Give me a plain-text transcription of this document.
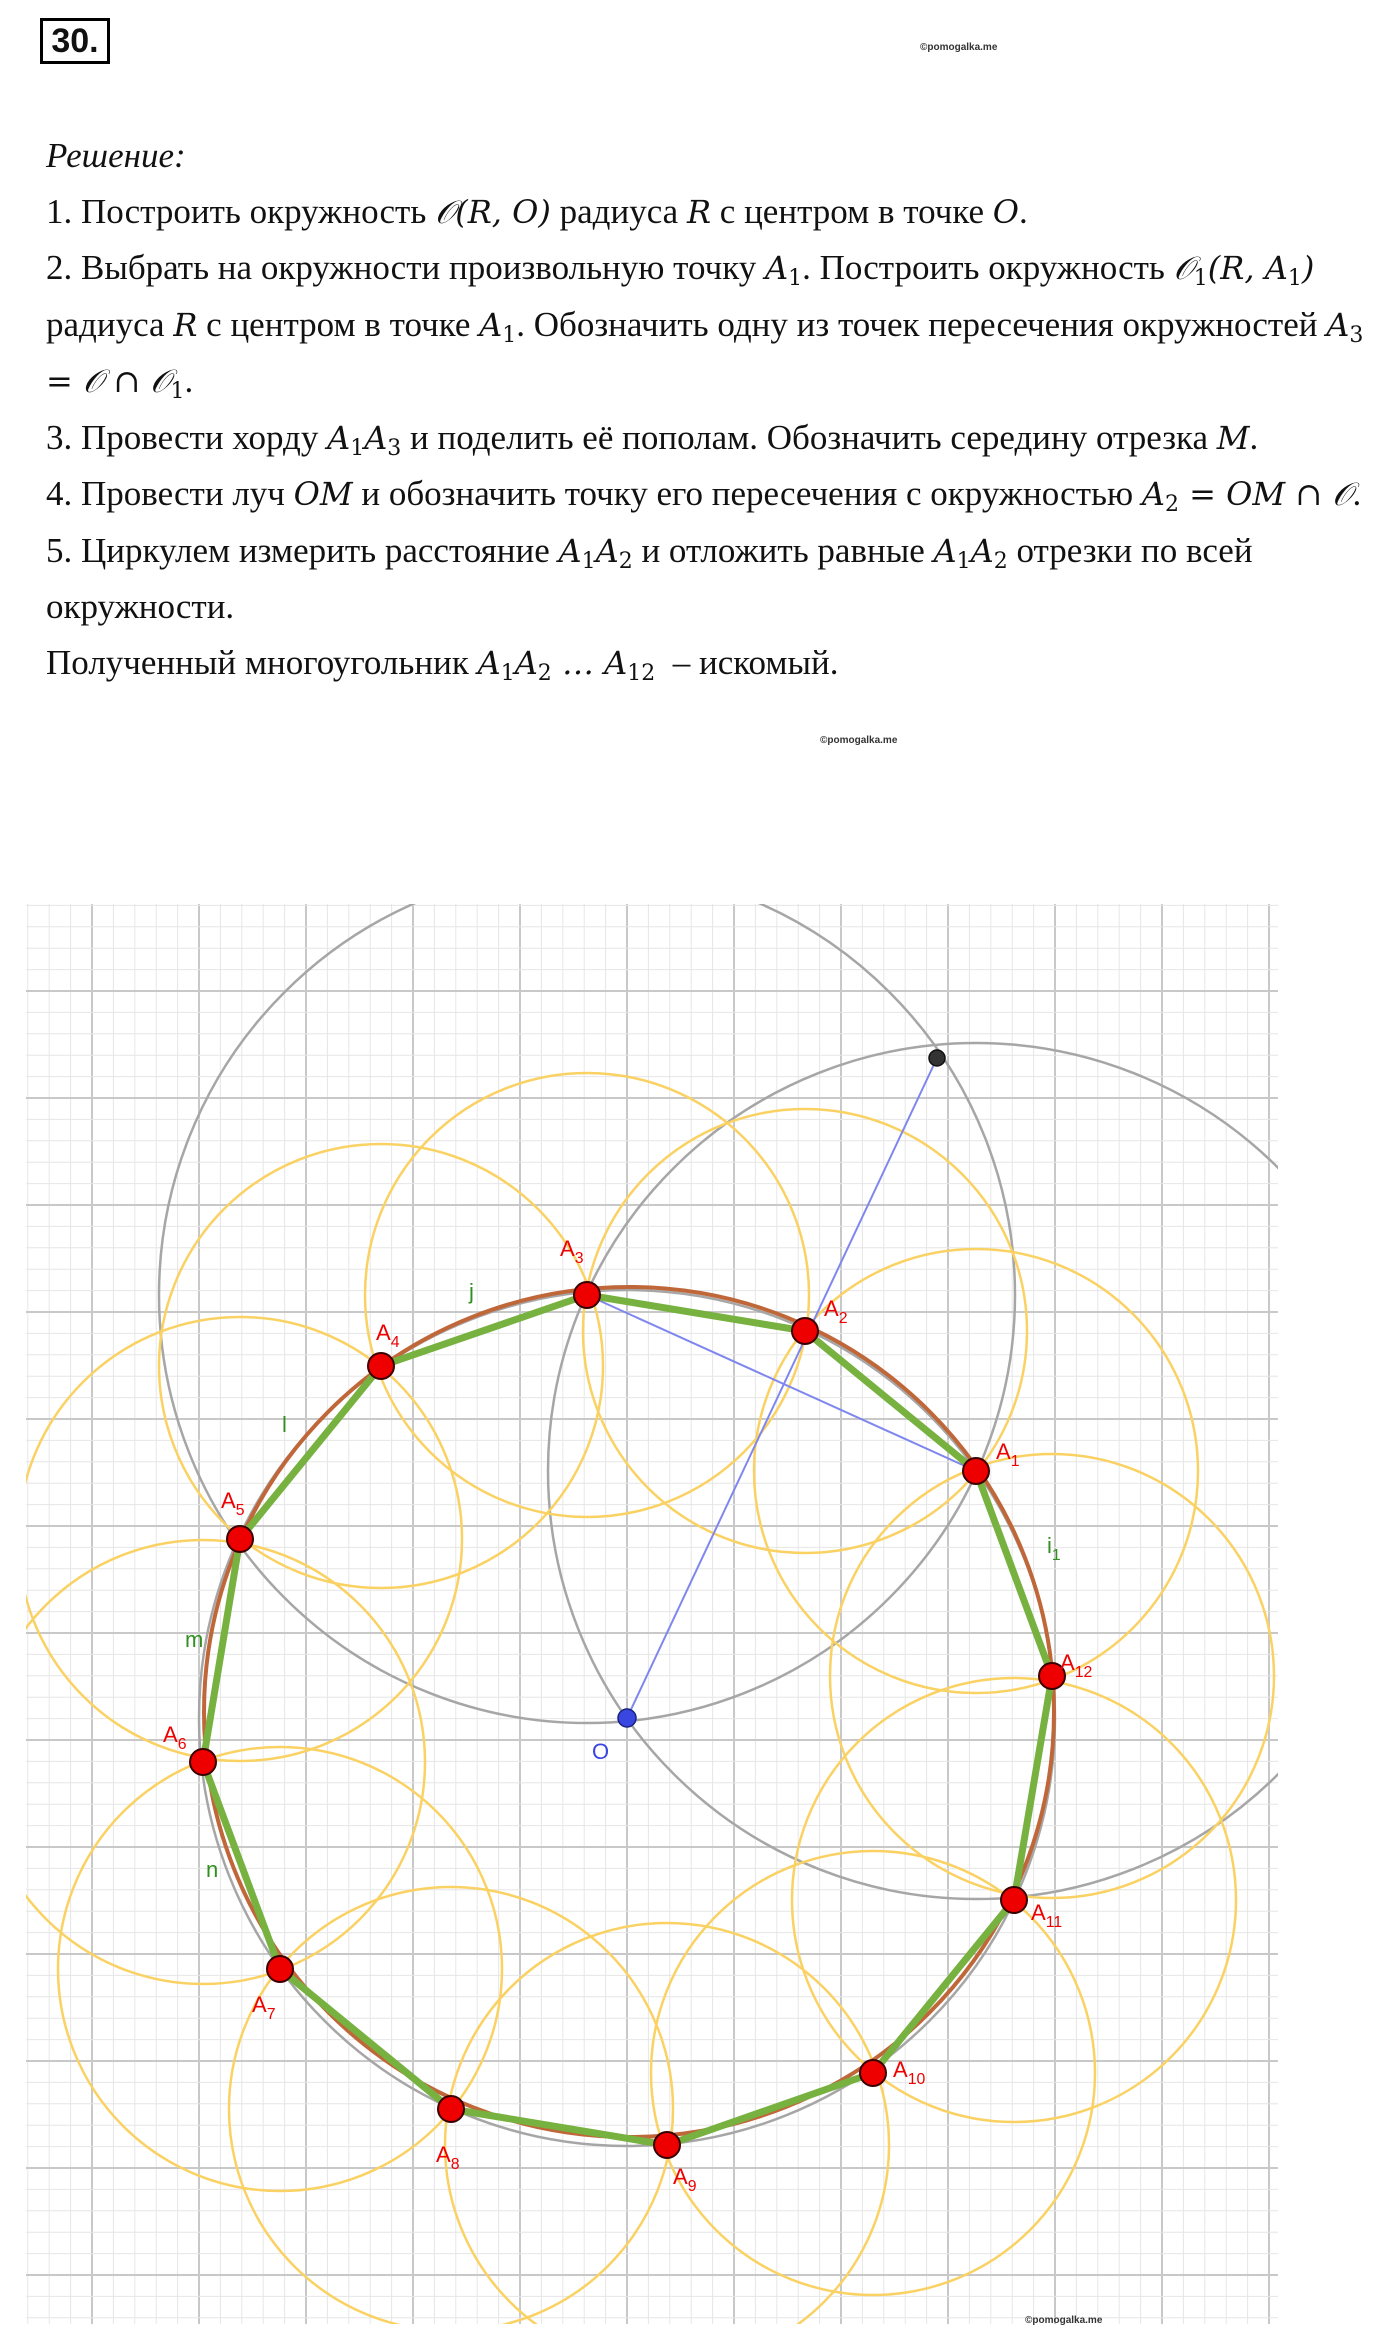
30.	©pomogalka.me

Решение:

1. Построить окружность 𝒪(R, O) радиуса R с центром в точке O.

2. Выбрать на окружности произвольную точку $A_1$. Построить окружность 𝒪$_1$(R, $A_1$) радиуса R с центром в точке $A_1$. Обозначить одну из точек пересечения окружностей $A_3$ = 𝒪 ∩ 𝒪$_1$.

3. Провести хорду $A_1A_3$ и поделить её пополам. Обозначить середину отрезка M.

4. Провести луч OM и обозначить точку его пересечения с окружностью $A_2$ = OM ∩ 𝒪.

5. Циркулем измерить расстояние $A_1A_2$ и отложить равные $A_1A_2$ отрезки по всей окружности.

Полученный многоугольник $A_1A_2$ … $A_{12}$  – искомый.

©pomogalka.me
$A_1$
$A_2$
$A_3$
$A_4$
$A_5$
$A_6$
$A_7$
$A_8$	$A_9$
$A_{10}$
$A_{11}$
$A_{12}$
O
$i_1$
j
l
m
n
©pomogalka.me
